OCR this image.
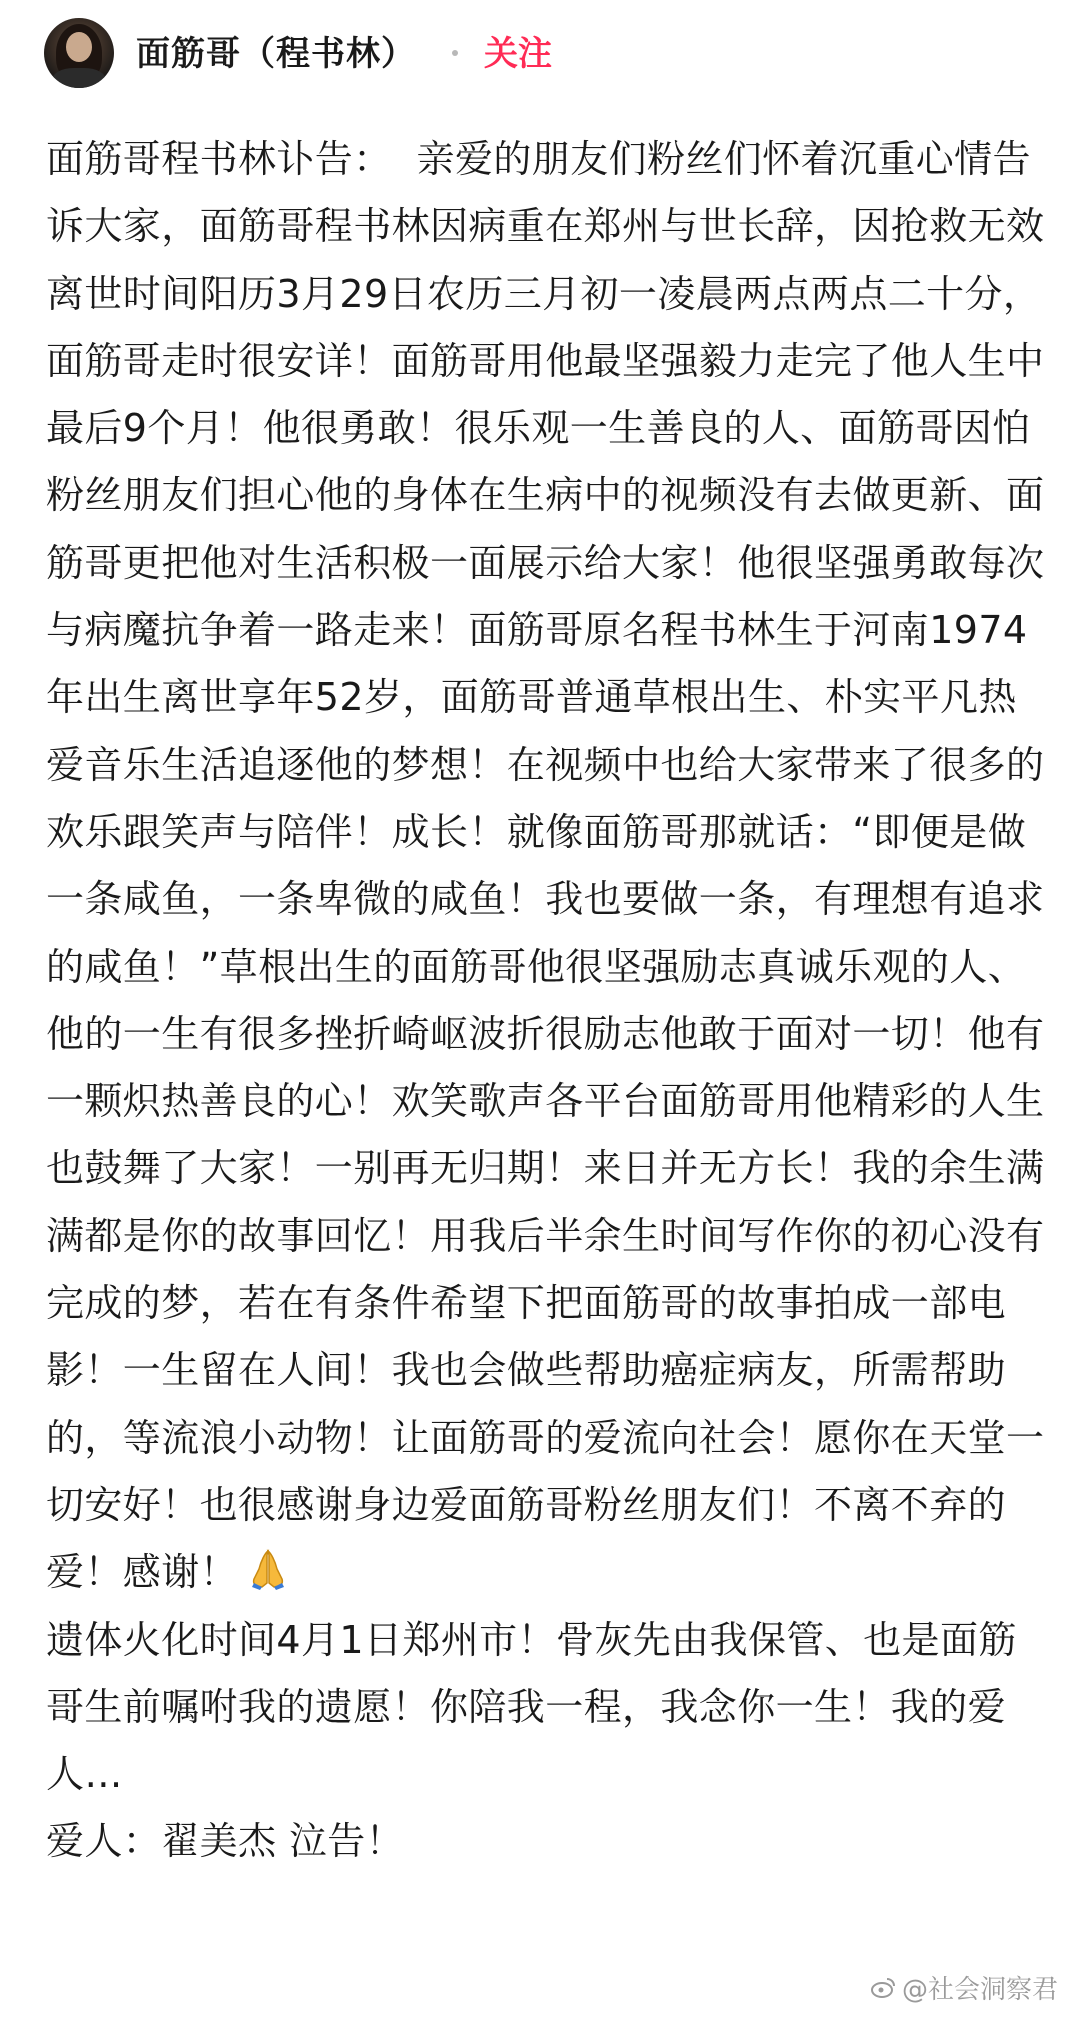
面筋哥（程书林） 关注

面筋哥程书林讣告：  亲爱的朋友们粉丝们怀着沉重心情告诉大家，面筋哥程书林因病重在郑州与世长辞，因抢救无效离世时间阳历3月29日农历三月初一凌晨两点两点二十分，面筋哥走时很安详！面筋哥用他最坚强毅力走完了他人生中最后9个月！他很勇敢！很乐观一生善良的人、面筋哥因怕粉丝朋友们担心他的身体在生病中的视频没有去做更新、面筋哥更把他对生活积极一面展示给大家！他很坚强勇敢每次与病魔抗争着一路走来！面筋哥原名程书林生于河南1974年出生离世享年52岁，面筋哥普通草根出生、朴实平凡热爱音乐生活追逐他的梦想！在视频中也给大家带来了很多的欢乐跟笑声与陪伴！成长！就像面筋哥那就话：“即便是做一条咸鱼，一条卑微的咸鱼！我也要做一条，有理想有追求的咸鱼！”草根出生的面筋哥他很坚强励志真诚乐观的人、他的一生有很多挫折崎岖波折很励志他敢于面对一切！他有一颗炽热善良的心！欢笑歌声各平台面筋哥用他精彩的人生也鼓舞了大家！一别再无归期！来日并无方长！我的余生满满都是你的故事回忆！用我后半余生时间写作你的初心没有完成的梦，若在有条件希望下把面筋哥的故事拍成一部电影！一生留在人间！我也会做些帮助癌症病友，所需帮助的，等流浪小动物！让面筋哥的爱流向社会！愿你在天堂一切安好！也很感谢身边爱面筋哥粉丝朋友们！不离不弃的爱！感谢！

遗体火化时间4月1日郑州市！骨灰先由我保管、也是面筋哥生前嘱咐我的遗愿！你陪我一程，我念你一生！我的爱人…

爱人：翟美杰 泣告！

@社会洞察君
